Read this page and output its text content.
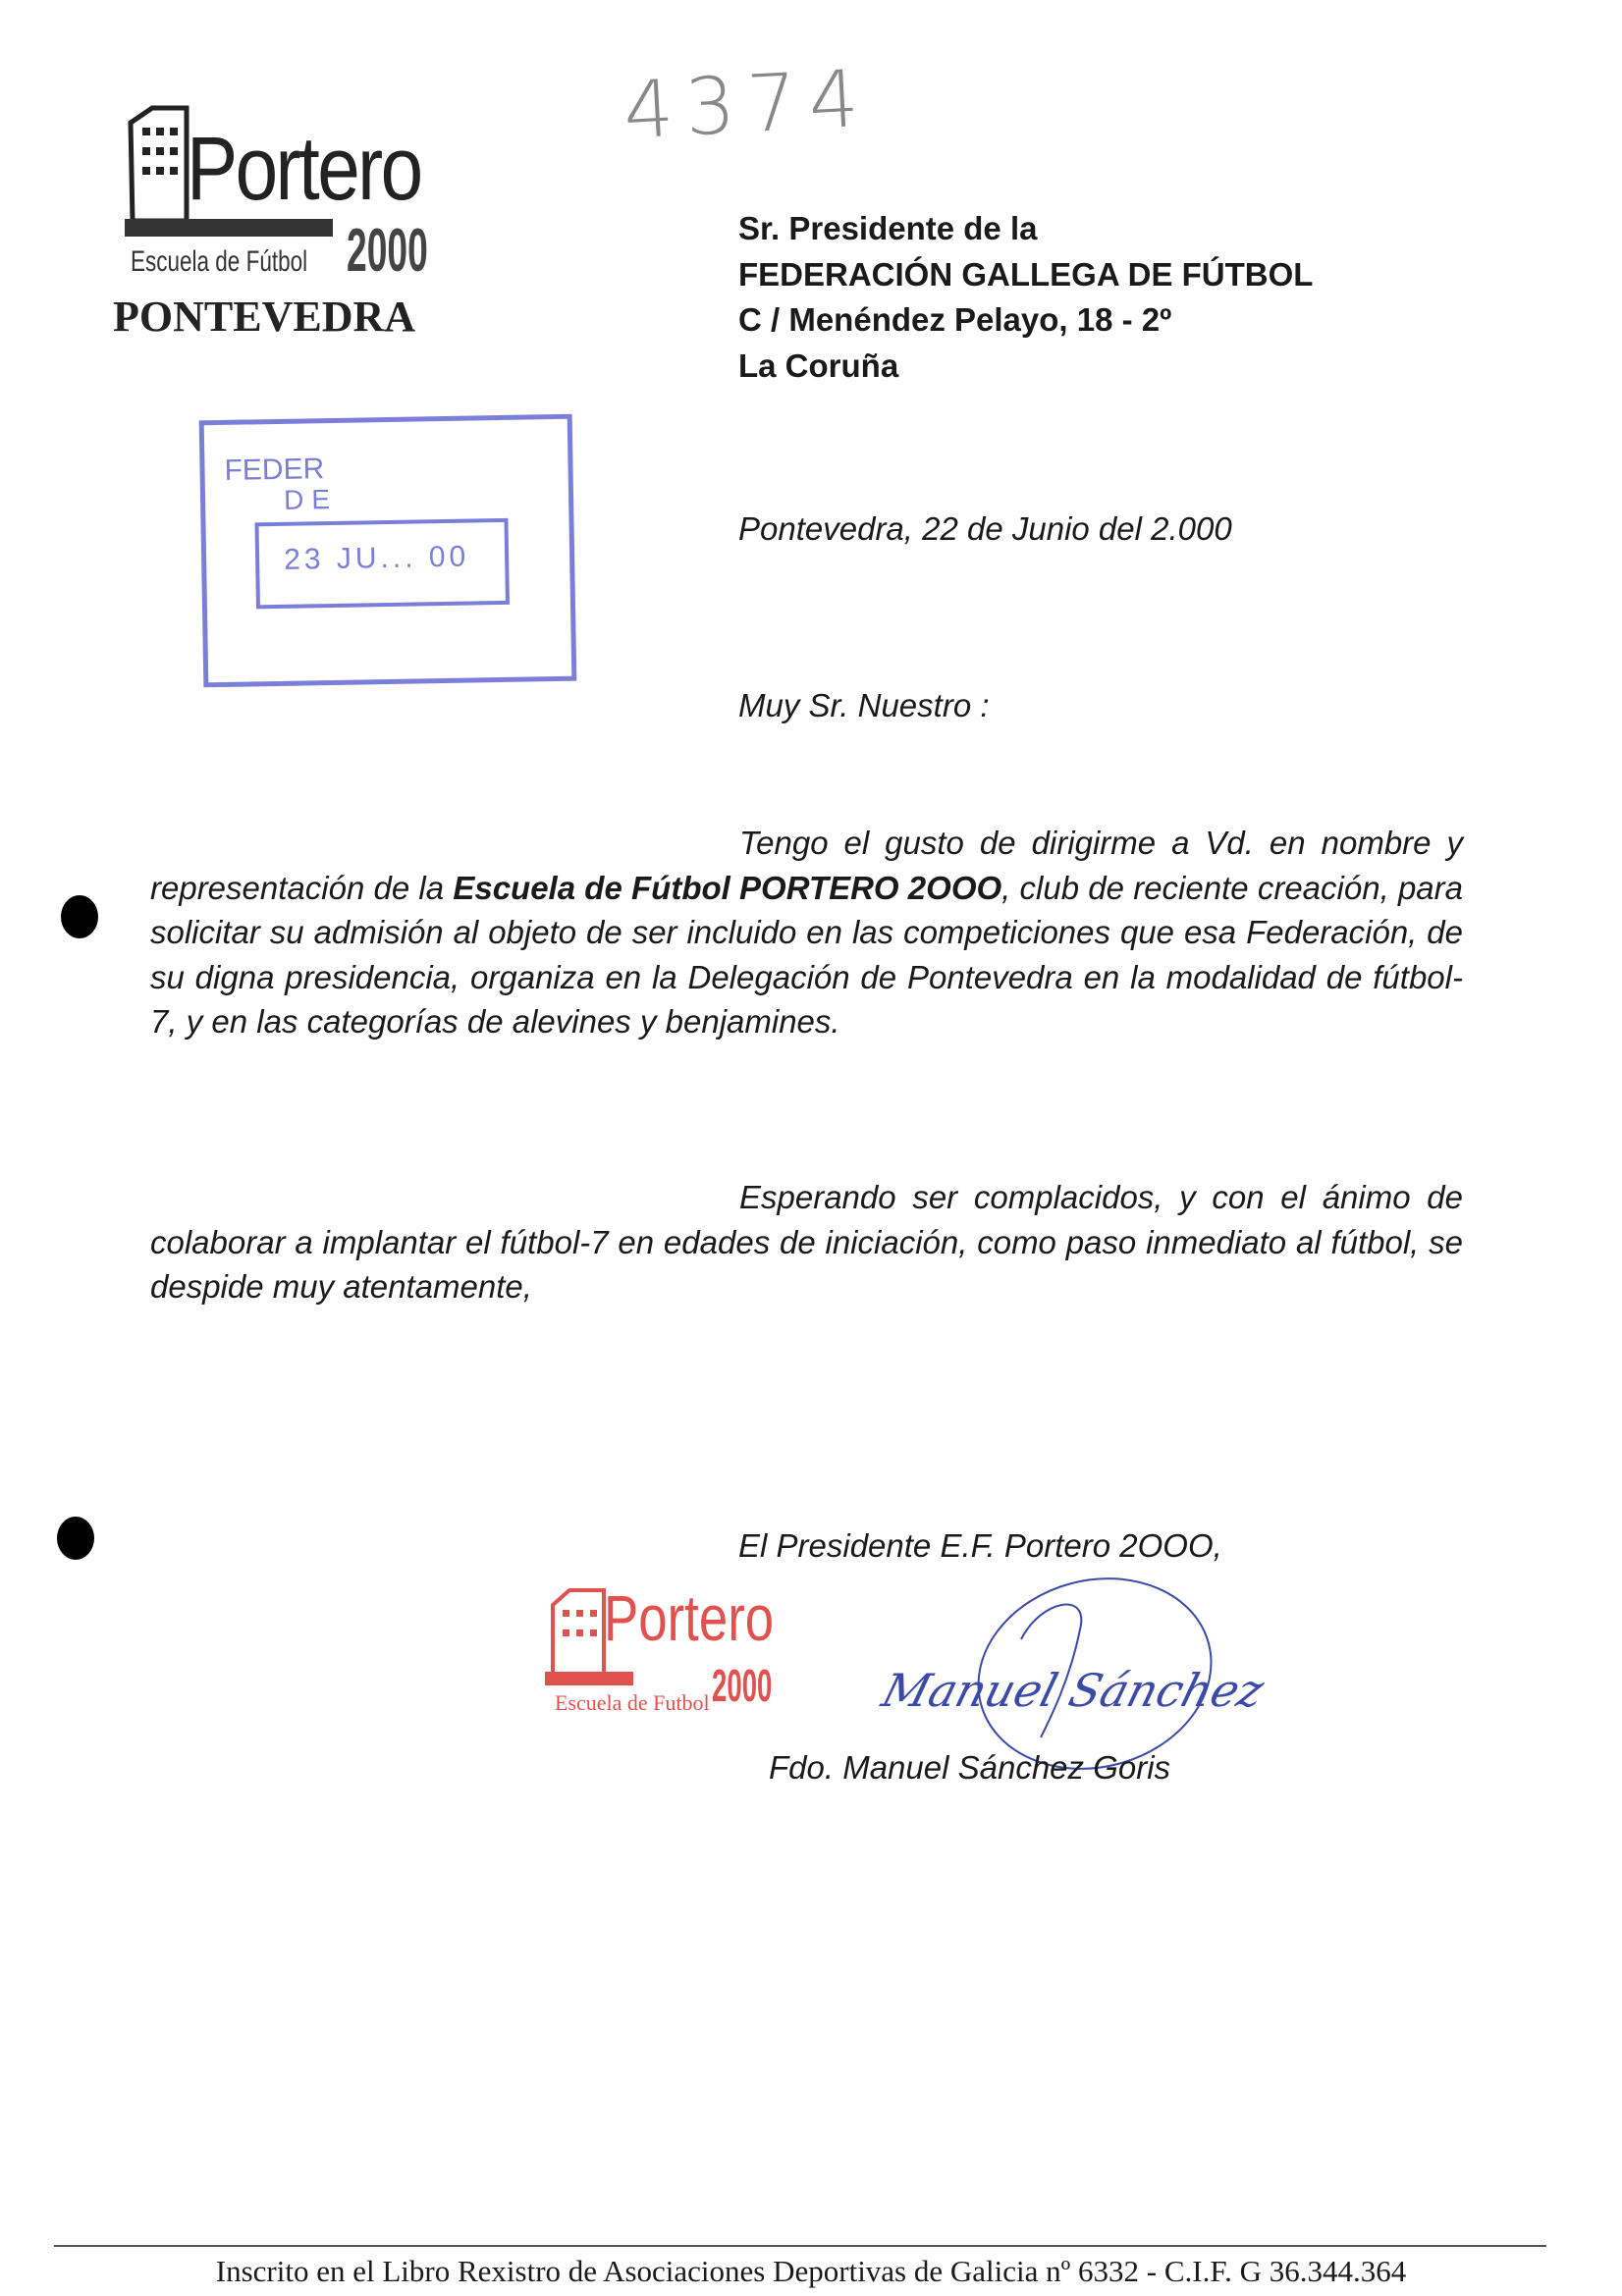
Portero
2000
Escuela de Fútbol
PONTEVEDRA
4374
Sr. Presidente de la
FEDERACIÓN GALLEGA DE FÚTBOL
C / Menéndez Pelayo, 18 - 2º
La Coruña
FEDER
DE
23 JU... 00
Pontevedra, 22 de Junio del 2.000
Muy Sr. Nuestro :
Tengo el gusto de dirigirme a Vd. en nombre y representación de la Escuela de Fútbol PORTERO 2OOO, club de reciente creación, para solicitar su admisión al objeto de ser incluido en las competiciones que esa Federación, de su digna presidencia, organiza en la Delegación de Pontevedra en la modalidad de fútbol-7, y en las categorías de alevines y benjamines.
Esperando ser complacidos, y con el ánimo de colaborar a implantar el fútbol-7 en edades de iniciación, como paso inmediato al fútbol, se despide muy atentamente,
El Presidente E.F. Portero 2OOO,
Portero
2000
Escuela de Futbol	Manuel Sánchez
Fdo. Manuel Sánchez Goris
Inscrito en el Libro Rexistro de Asociaciones Deportivas de Galicia nº 6332 - C.I.F. G 36.344.364
